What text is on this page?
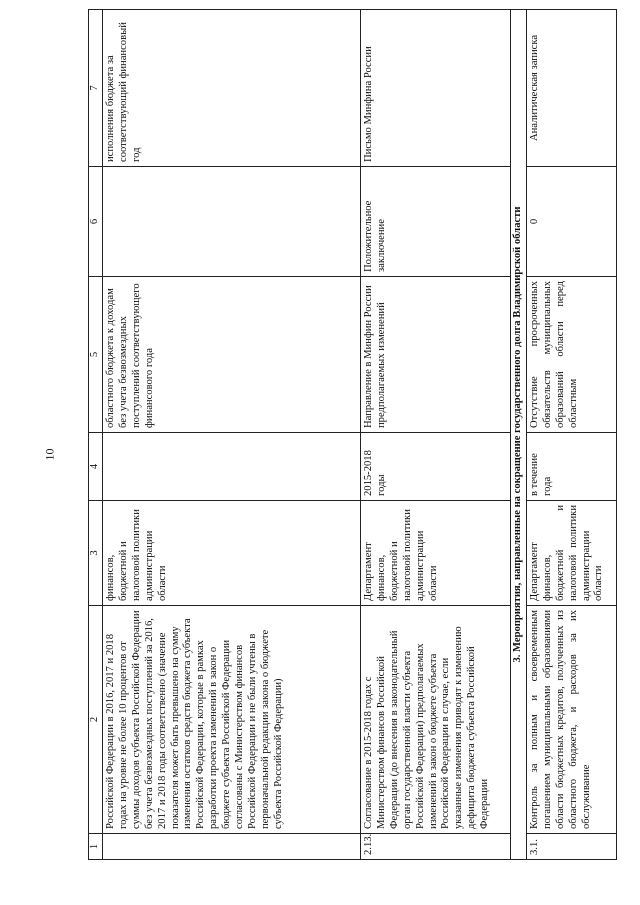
10
1	2	3	4	5	6	7
	Российской Федерации в 2016, 2017 и 2018 годах на уровне не более 10 процентов от суммы доходов субъекта Российской Федерации без учета безвозмездных поступлений за 2016, 2017 и 2018 годы соответственно (значение показателя может быть превышено на сумму изменения остатков средств бюджета субъекта Российской Федерации, которые в рамках разработки проекта изменений в закон о бюджете субъекта Российской Федерации согласованы с Министерством финансов Российской Федерации и не были учтены в первоначальной редакции закона о бюджете субъекта Российской Федерации)	финансов, бюджетной и налоговой политики администрации области		областного бюджета к доходам без учета безвозмездных поступлений соответствующего финансового года		исполнения бюджета за соответствующий финансовый год
2.13.	Согласование в 2015-2018 годах с Министерством финансов Российской Федерации (до внесения в законодательный орган государственной власти субъекта Российской Федерации) предполагаемых изменений в закон о бюджете субъекта Российской Федерации в случае, если указанные изменения приводят к изменению дефицита бюджета субъекта Российской Федерации	Департамент финансов, бюджетной и налоговой политики администрации области	2015-2018 годы	Направление в Минфин России предполагаемых изменений	Положительное заключение	Письмо Минфина России
3. Мероприятия, направленные на сокращение государственного долга Владимирской области						
3.1.	Контроль за полным и своевременным погашением муниципальными образованиями области бюджетных кредитов, полученных из областного бюджета, и расходов за их обслуживание	Департамент финансов, бюджетной и налоговой политики администрации области	в течение года	Отсутствие просроченных обязательств муниципальных образований области перед областным	0	Аналитическая записка
